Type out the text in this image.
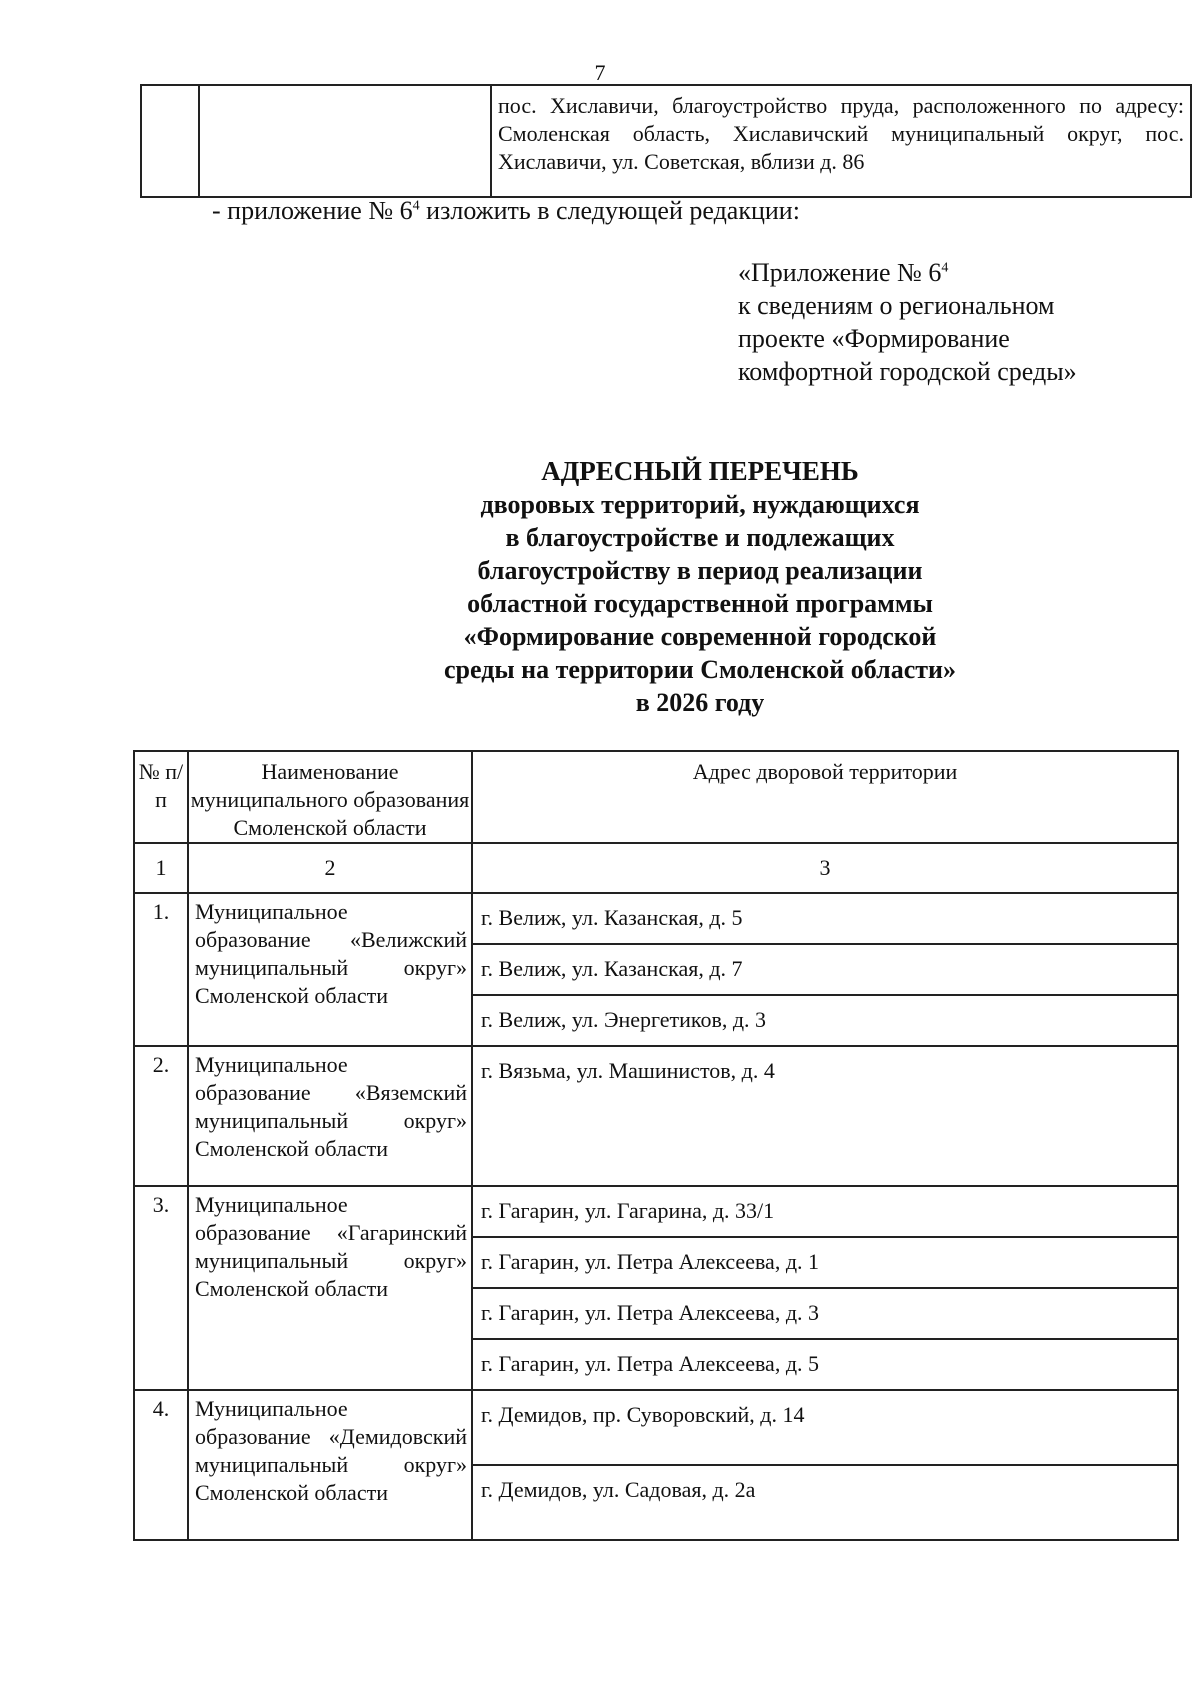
7

пос. Хиславичи, благоустройство пруда, расположенного по адресу: Смоленская область, Хиславичский муниципальный округ, пос. Хиславичи, ул. Советская, вблизи д. 86
- приложение № $6^4$ изложить в следующей редакции:
«Приложение № $6^4$
к сведениям о региональном
проекте «Формирование
комфортной городской среды»
АДРЕСНЫЙ ПЕРЕЧЕНЬ
дворовых территорий, нуждающихся
в благоустройстве и подлежащих
благоустройству в период реализации
областной государственной программы
«Формирование современной городской
среды на территории Смоленской области»
в 2026 году
№ п/п	Наименование муниципального образования Смоленской области	Адрес дворовой территории
1	2	3
1.	Муниципальное образование «Велижский муниципальный округ» Смоленской области	г. Велиж, ул. Казанская, д. 5
		г. Велиж, ул. Казанская, д. 7
		г. Велиж, ул. Энергетиков, д. 3
2.	Муниципальное образование «Вяземский муниципальный округ» Смоленской области	г. Вязьма, ул. Машинистов, д. 4
3.	Муниципальное образование «Гагаринский муниципальный округ» Смоленской области	г. Гагарин, ул. Гагарина, д. 33/1
		г. Гагарин, ул. Петра Алексеева, д. 1
		г. Гагарин, ул. Петра Алексеева, д. 3
		г. Гагарин, ул. Петра Алексеева, д. 5
4.	Муниципальное образование «Демидовский муниципальный округ» Смоленской области	г. Демидов, пр. Суворовский, д. 14
		г. Демидов, ул. Садовая, д. 2а
